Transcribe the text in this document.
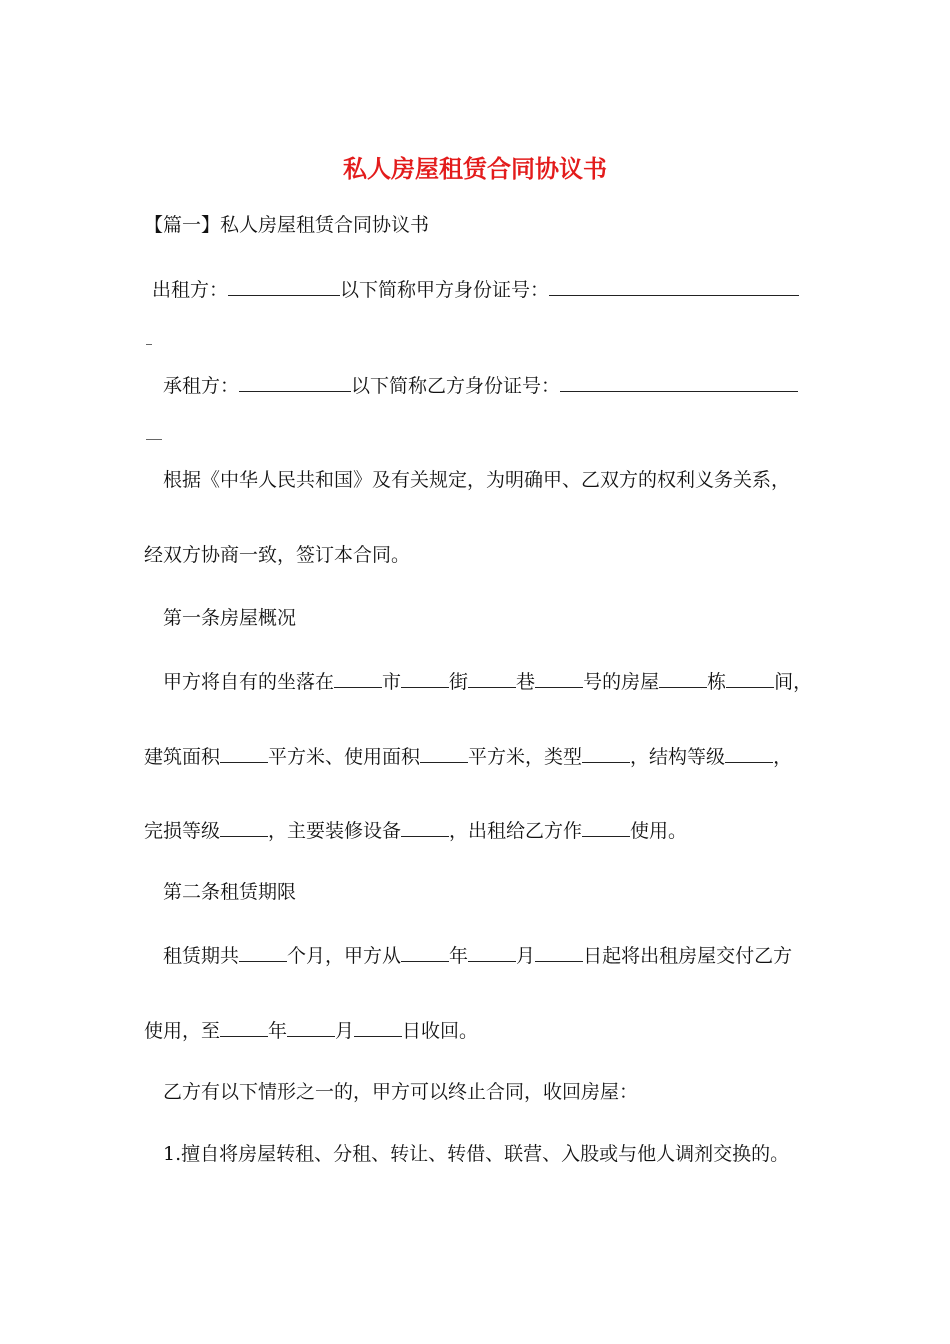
私人房屋租赁合同协议书
【篇一】私人房屋租赁合同协议书
出租方：	以下简称甲方身份证号：
承租方：	以下简称乙方身份证号：
根据《中华人民共和国》及有关规定，为明确甲、乙双方的权利义务关系，
经双方协商一致，签订本合同。
第一条房屋概况
甲方将自有的坐落在	市	街	巷	号的房屋	栋	间，
建筑面积	平方米、使用面积	平方米，类型	，结构等级	，
完损等级	，主要装修设备	，出租给乙方作	使用。
第二条租赁期限
租赁期共	个月，甲方从	年	月	日起将出租房屋交付乙方
使用，至	年	月	日收回。
乙方有以下情形之一的，甲方可以终止合同，收回房屋：
1.擅自将房屋转租、分租、转让、转借、联营、入股或与他人调剂交换的。
